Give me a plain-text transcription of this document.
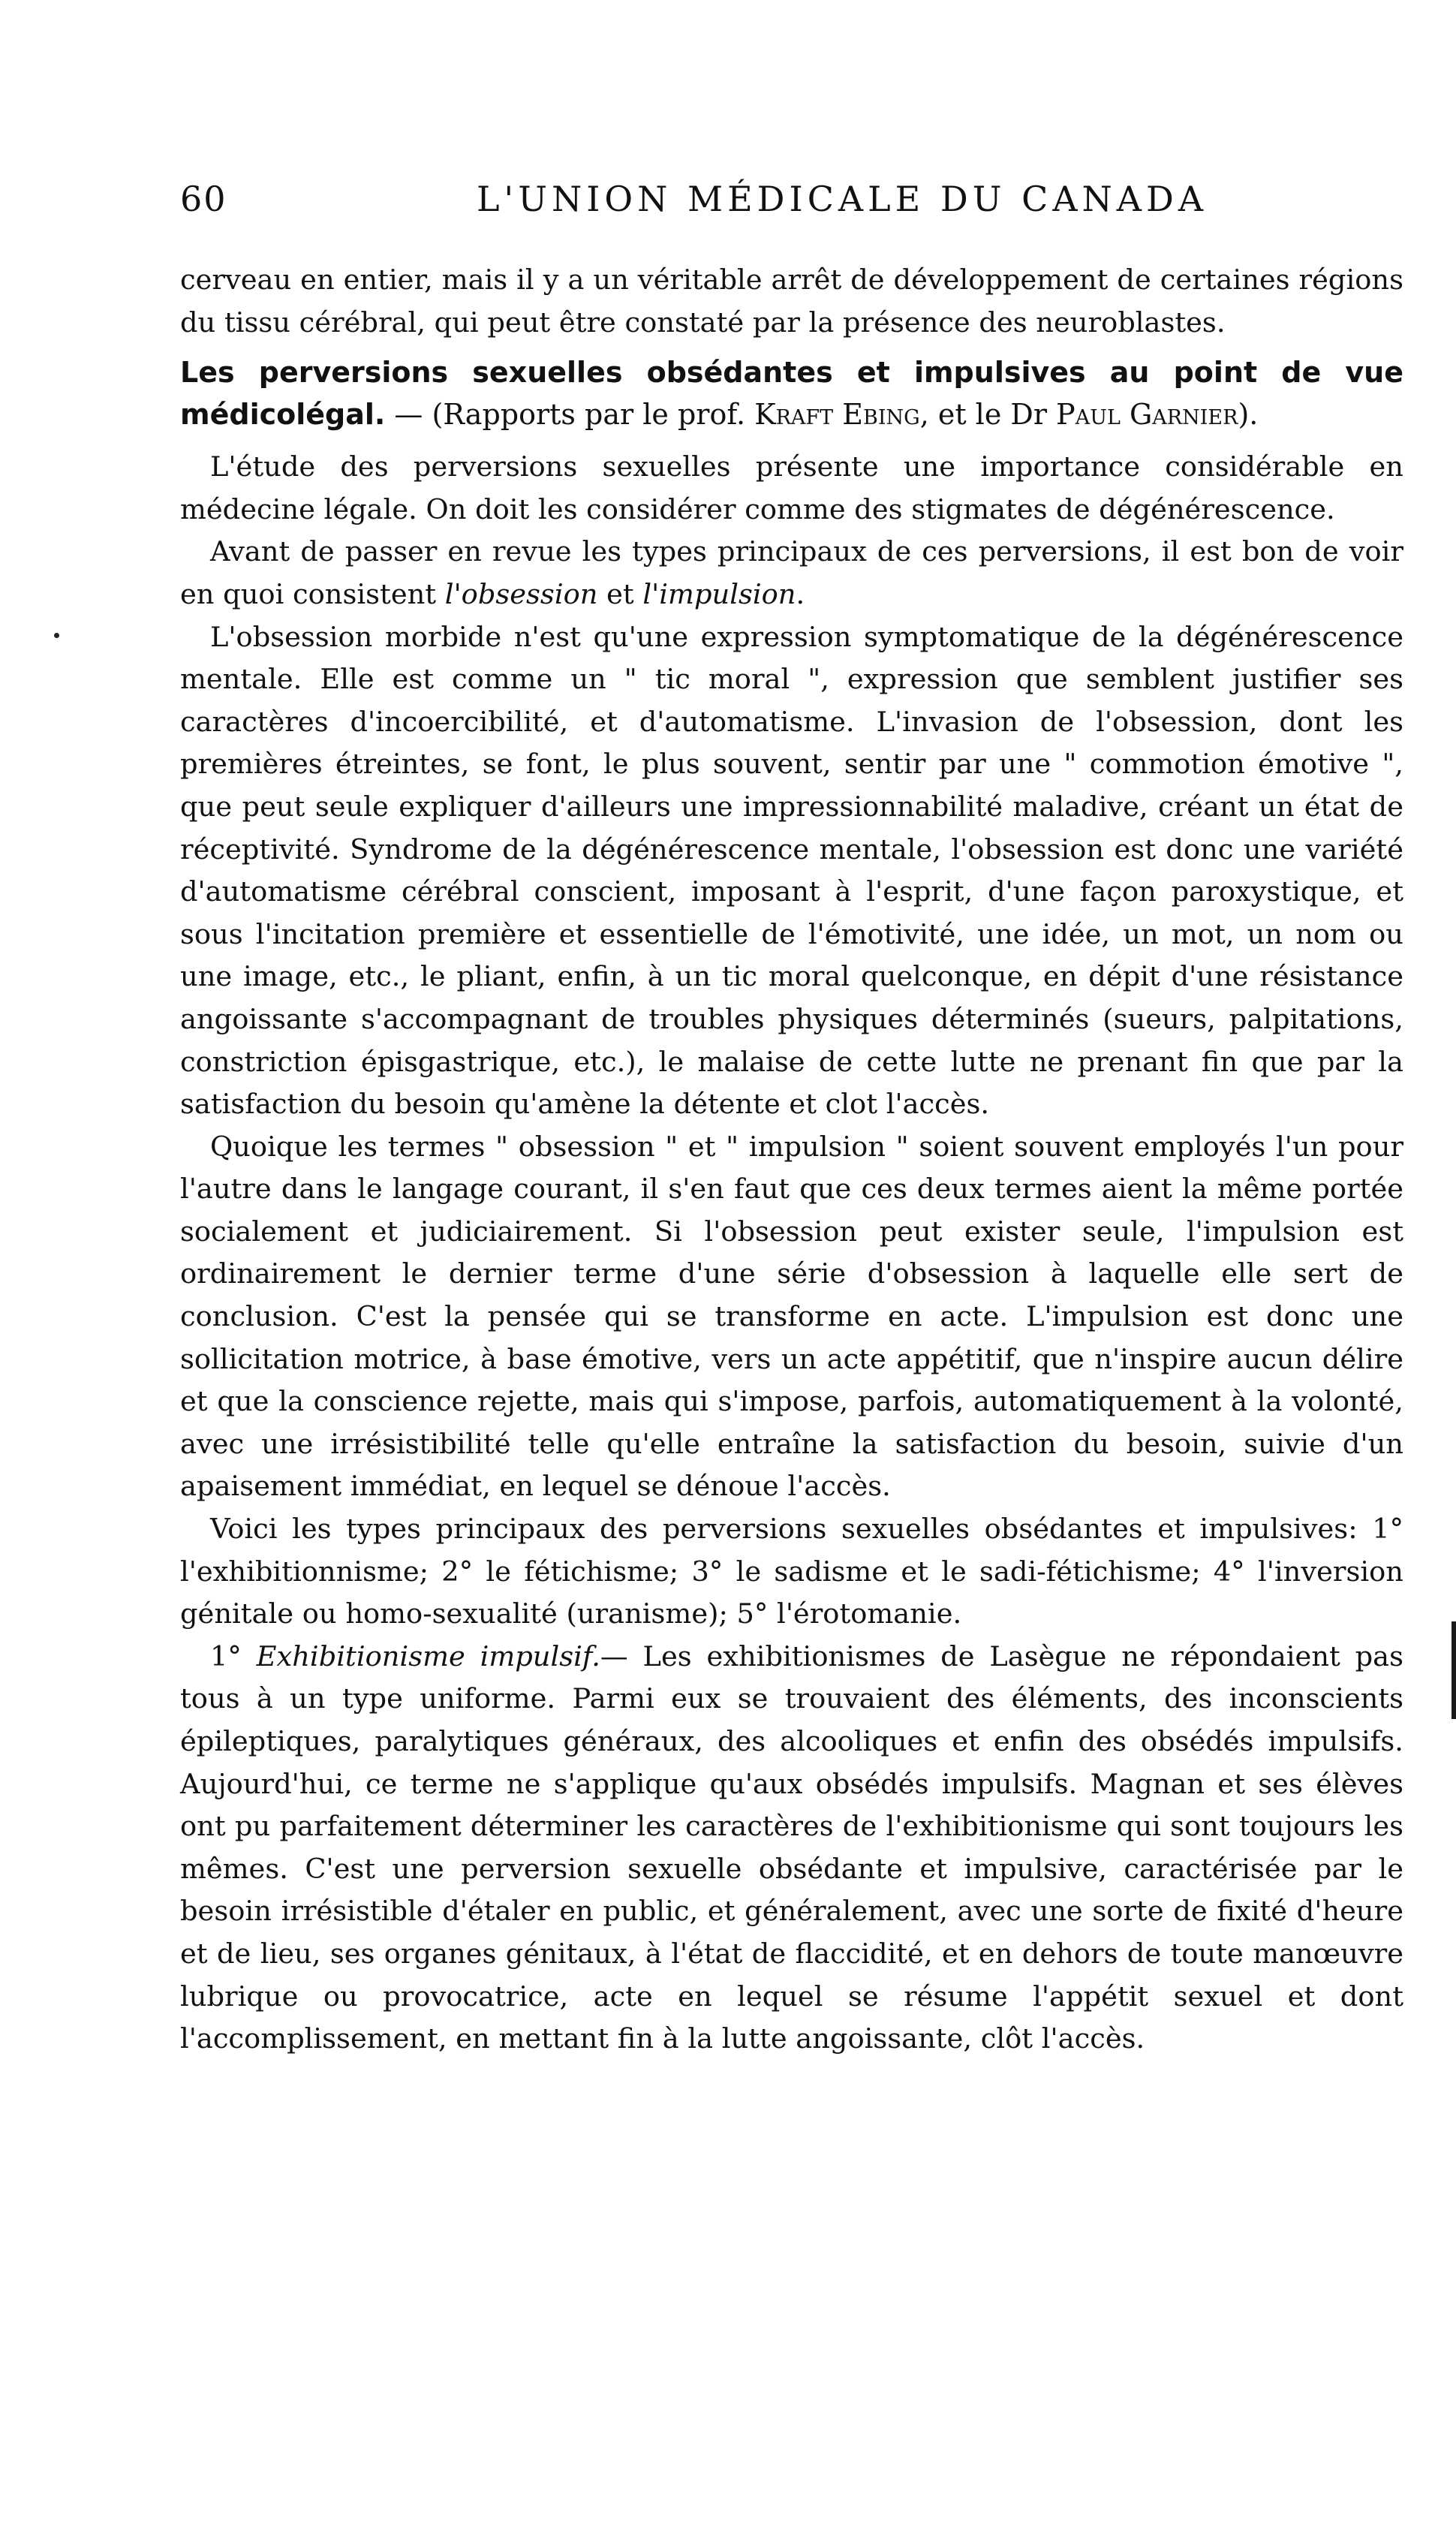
60	L'UNION MÉDICALE DU CANADA

cerveau en entier, mais il y a un véritable arrêt de développement de certaines régions du tissu cérébral, qui peut être constaté par la présence des neuroblastes.

Les perversions sexuelles obsédantes et impulsives au point de vue médicolégal. — (Rapports par le prof. Kraft Ebing, et le Dr Paul Garnier).

L'étude des perversions sexuelles présente une importance considérable en médecine légale. On doit les considérer comme des stigmates de dégénérescence.

Avant de passer en revue les types principaux de ces perversions, il est bon de voir en quoi consistent l'obsession et l'impulsion.

L'obsession morbide n'est qu'une expression symptomatique de la dégénérescence mentale. Elle est comme un " tic moral ", expression que semblent justifier ses caractères d'incoercibilité, et d'automatisme. L'invasion de l'obsession, dont les premières étreintes, se font, le plus souvent, sentir par une " commotion émotive ", que peut seule expliquer d'ailleurs une impressionnabilité maladive, créant un état de réceptivité. Syndrome de la dégénérescence mentale, l'obsession est donc une variété d'automatisme cérébral conscient, imposant à l'esprit, d'une façon paroxystique, et sous l'incitation première et essentielle de l'émotivité, une idée, un mot, un nom ou une image, etc., le pliant, enfin, à un tic moral quelconque, en dépit d'une résistance angoissante s'accompagnant de troubles physiques déterminés (sueurs, palpitations, constriction épisgastrique, etc.), le malaise de cette lutte ne prenant fin que par la satisfaction du besoin qu'amène la détente et clot l'accès.

Quoique les termes " obsession " et " impulsion " soient souvent employés l'un pour l'autre dans le langage courant, il s'en faut que ces deux termes aient la même portée socialement et judiciairement. Si l'obsession peut exister seule, l'impulsion est ordinairement le dernier terme d'une série d'obsession à laquelle elle sert de conclusion. C'est la pensée qui se transforme en acte. L'impulsion est donc une sollicitation motrice, à base émotive, vers un acte appétitif, que n'inspire aucun délire et que la conscience rejette, mais qui s'impose, parfois, automatiquement à la volonté, avec une irrésistibilité telle qu'elle entraîne la satisfaction du besoin, suivie d'un apaisement immédiat, en lequel se dénoue l'accès.

Voici les types principaux des perversions sexuelles obsédantes et impulsives: 1° l'exhibitionnisme; 2° le fétichisme; 3° le sadisme et le sadi-fétichisme; 4° l'inversion génitale ou homo-sexualité (uranisme); 5° l'érotomanie.

1° Exhibitionisme impulsif.— Les exhibitionismes de Lasègue ne répondaient pas tous à un type uniforme. Parmi eux se trouvaient des éléments, des inconscients épileptiques, paralytiques généraux, des alcooliques et enfin des obsédés impulsifs. Aujourd'hui, ce terme ne s'applique qu'aux obsédés impulsifs. Magnan et ses élèves ont pu parfaitement déterminer les caractères de l'exhibitionisme qui sont toujours les mêmes. C'est une perversion sexuelle obsédante et impulsive, caractérisée par le besoin irrésistible d'étaler en public, et généralement, avec une sorte de fixité d'heure et de lieu, ses organes génitaux, à l'état de flaccidité, et en dehors de toute manœuvre lubrique ou provocatrice, acte en lequel se résume l'appétit sexuel et dont l'accomplissement, en mettant fin à la lutte angoissante, clôt l'accès.
